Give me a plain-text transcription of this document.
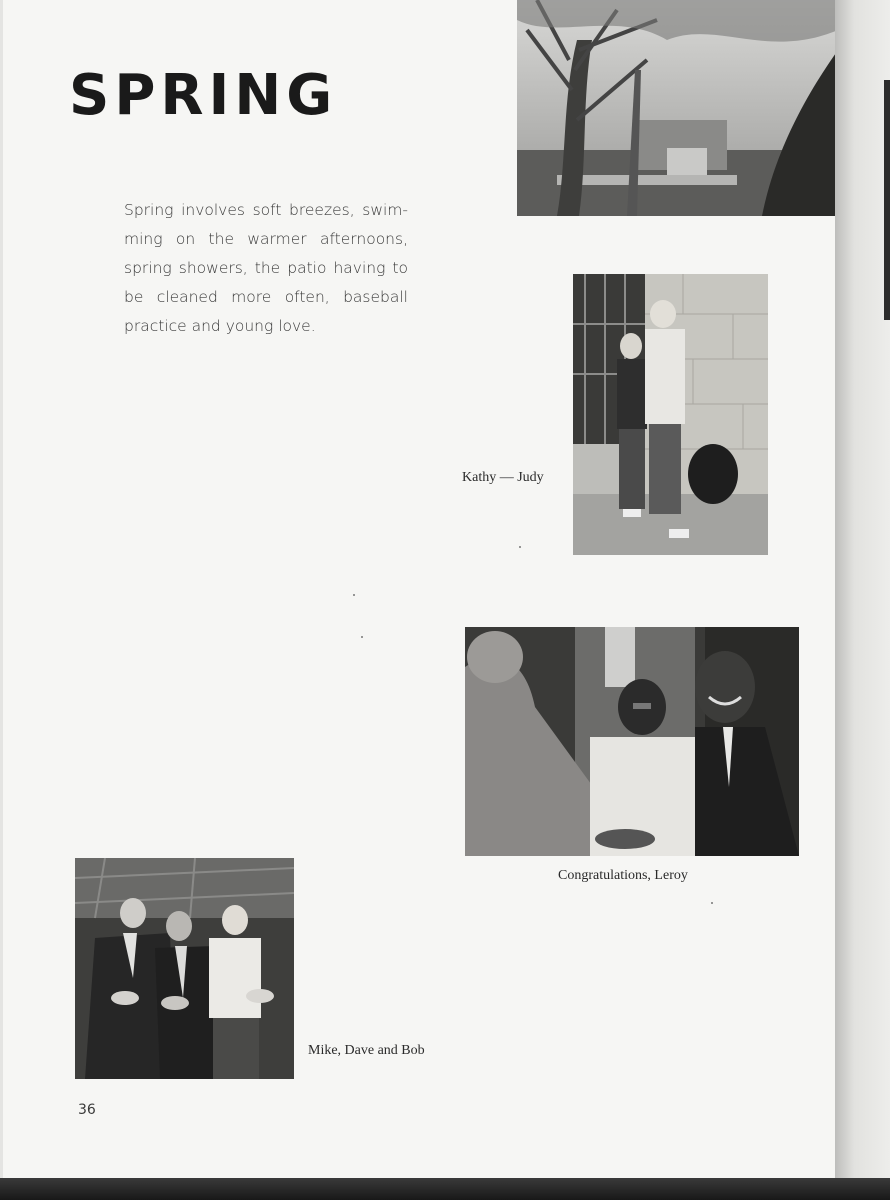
SPRING

Spring involves soft breezes, swim-ming on the warmer afternoons, spring showers, the patio having to be cleaned more often, baseball practice and young love.

Kathy — Judy

Congratulations, Leroy

Mike, Dave and Bob

36
